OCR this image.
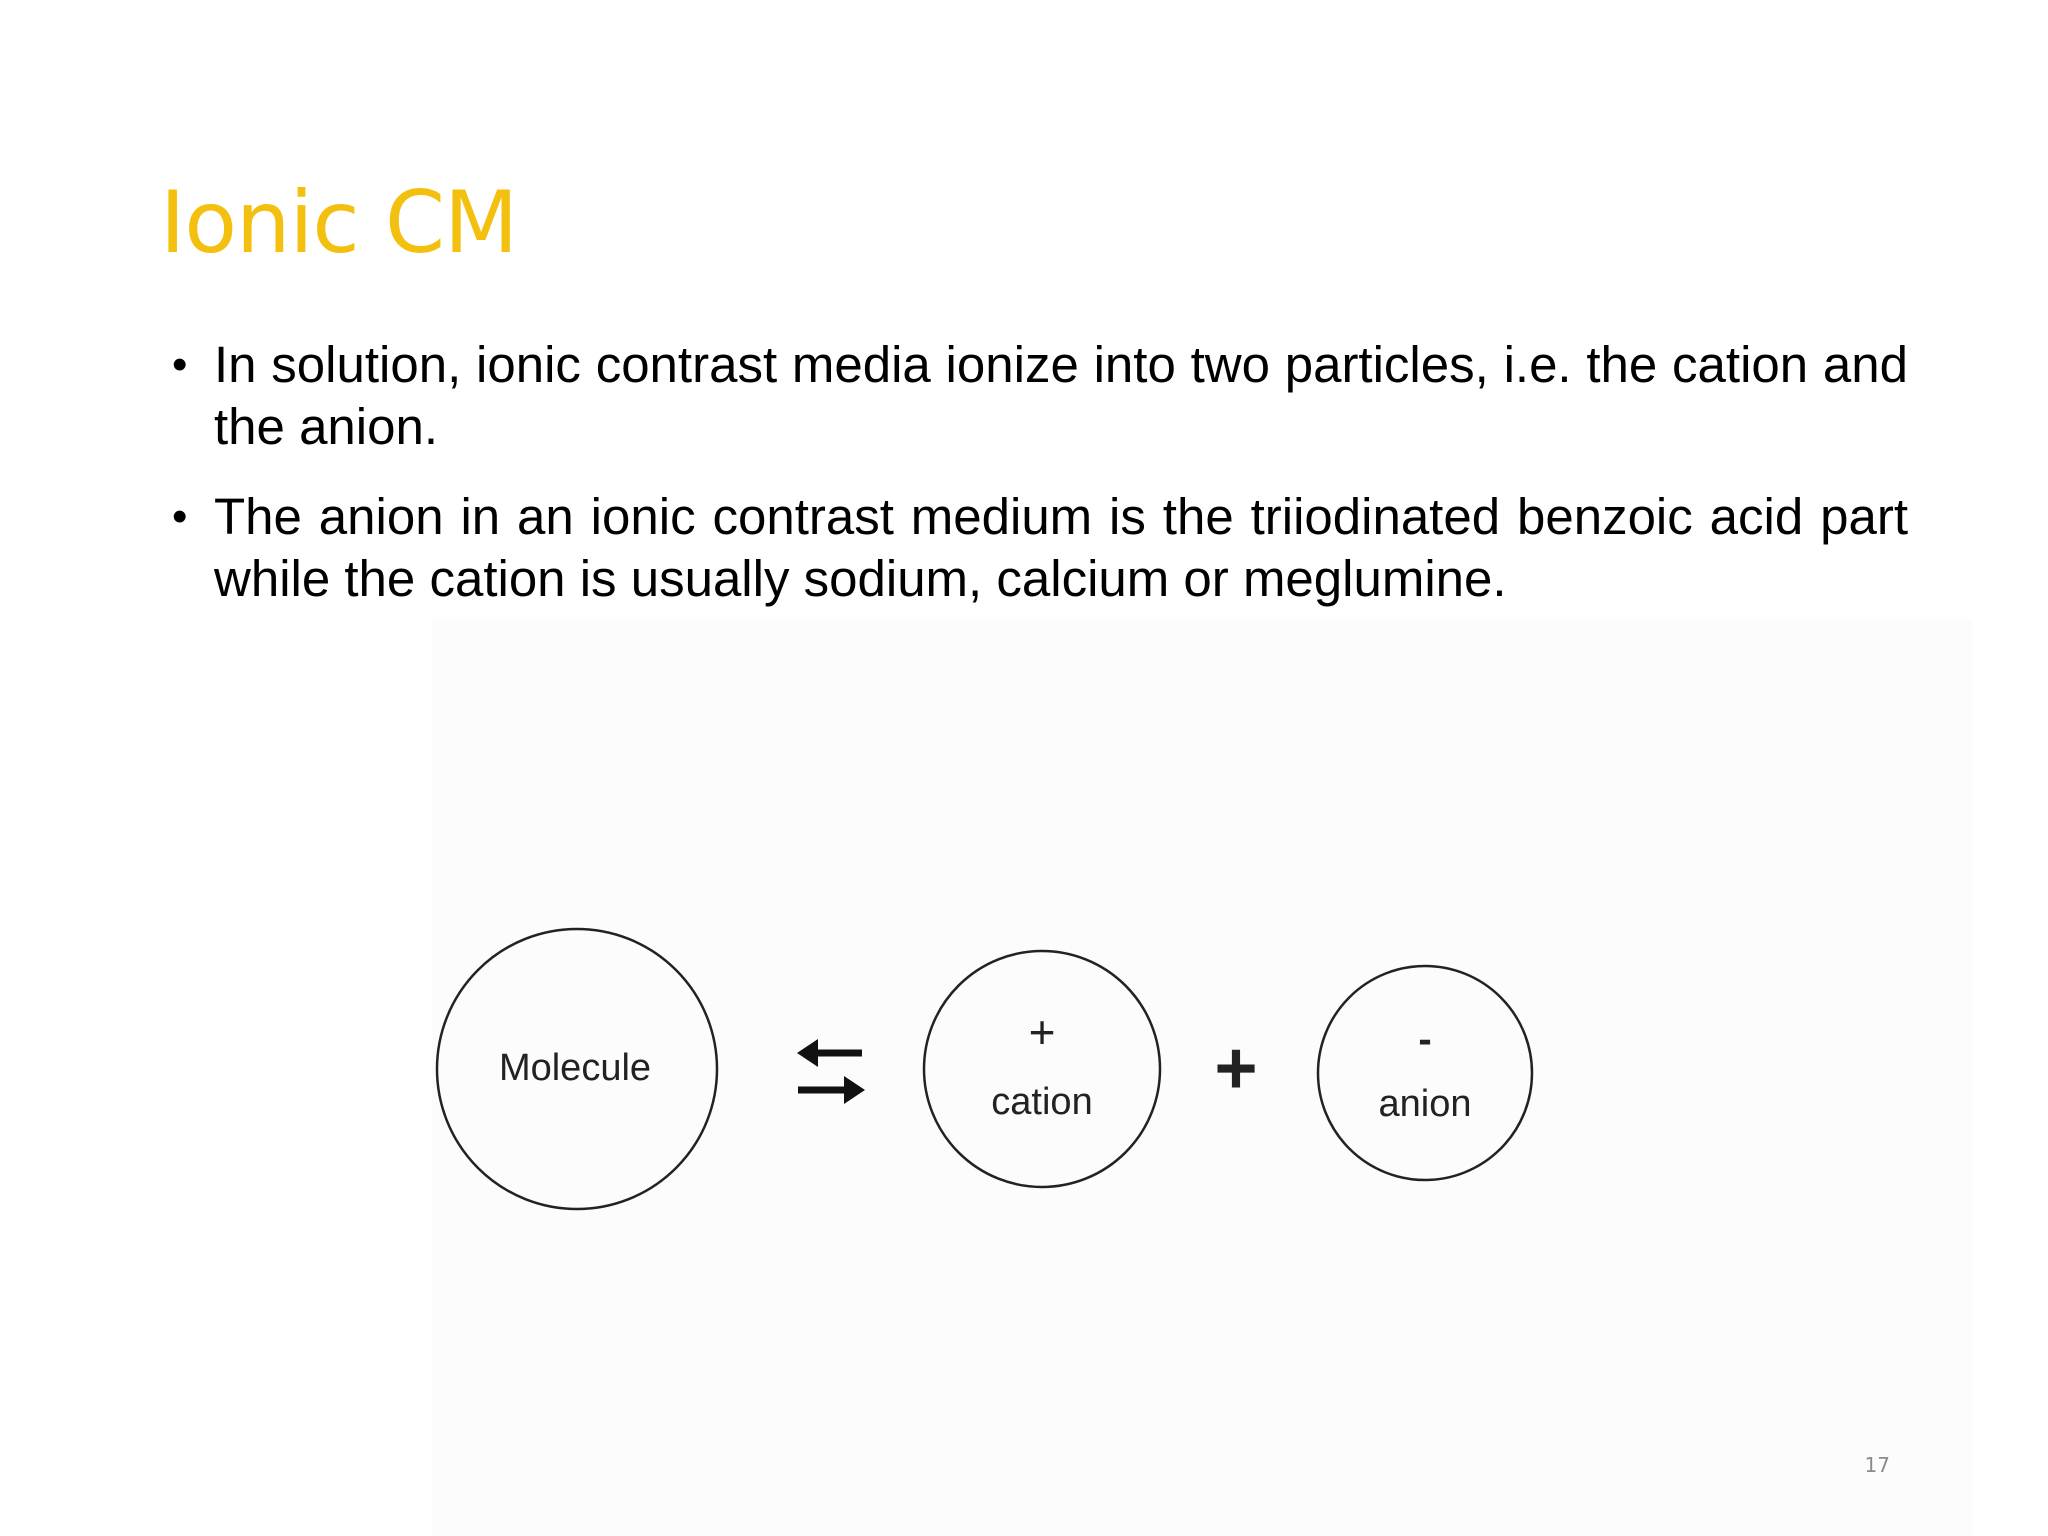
Ionic CM
• In solution, ionic contrast media ionize into two particles, i.e. the cation and the anion.
• The anion in an ionic contrast medium is the triiodinated benzoic acid part while the cation is usually sodium, calcium or meglumine.
Molecule
+
cation +	-
anion
17
